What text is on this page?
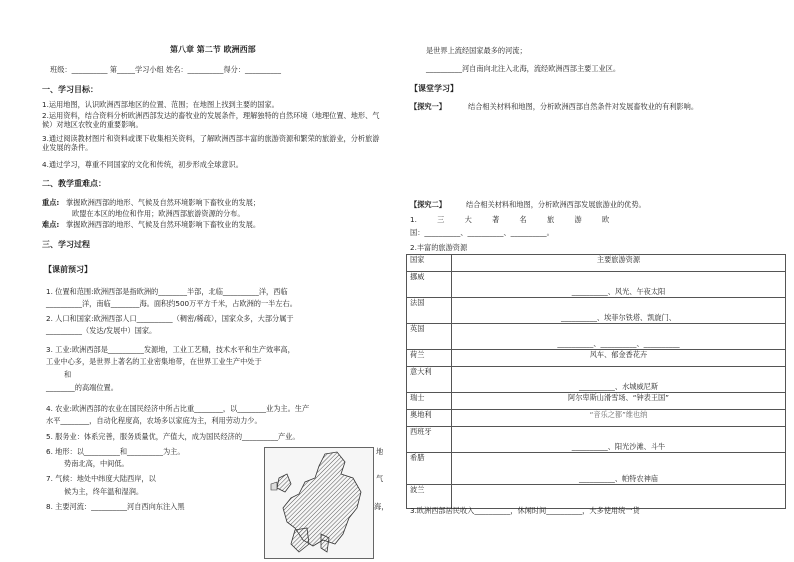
第八章 第二节 欧洲西部
班级：__________ 第_____学习小组 姓名：__________得分：__________
一、学习目标：
1.运用地图，认识欧洲西部地区的位置、范围；在地图上找到主要的国家。
2.运用资料，结合资料分析欧洲西部发达的畜牧业的发展条件，理解独特的自然环境（地理位置、地形、气候）对地区农牧业的重要影响。
3.通过阅读教材图片和资料或课下收集相关资料，了解欧洲西部丰富的旅游资源和繁荣的旅游业，分析旅游业发展的条件。
4.通过学习，尊重不同国家的文化和传统，初步形成全球意识。
二、教学重难点：
重点: 掌握欧洲西部的地形、气候及自然环境影响下畜牧业的发展；
欧盟在本区的地位和作用；欧洲西部旅游资源的分布。
难点: 掌握欧洲西部的地形、气候及自然环境影响下畜牧业的发展。
三、学习过程
【课前预习】
1. 位置和范围:欧洲西部是指欧洲的________半部，北临__________洋，西临
__________洋，南临________海。面积约500万平方千米，占欧洲的一半左右。
2. 人口和国家:欧洲西部人口__________（稠密/稀疏），国家众多，大部分属于
__________（发达/发展中）国家。
3. 工业:欧洲西部是__________发源地，工业工艺精，技术水平和生产效率高，
工业中心多，是世界上著名的工业密集地带，在世界工业生产中处于
和
________的高端位置。
4. 农业:欧洲西部的农业在国民经济中所占比重________，以________业为主。生产
水平________，自动化程度高，农场多以家庭为主，利用劳动力少。
5. 服务业：体系完善，服务质量优，产值大，成为国民经济的__________产业。
6. 地形：以__________和__________为主。	地
势南北高，中间低。
7. 气候：地处中纬度大陆西岸，以	气
候为主，终年温和湿润。
8. 主要河流：__________河自西向东注入黑	海，
是世界上流经国家最多的河流；
__________河自南向北注入北海，流经欧洲西部主要工业区。
【课堂学习】
【探究一】	结合相关材料和地图，分析欧洲西部自然条件对发展畜牧业的有利影响。
【探究二】	结合相关材料和地图，分析欧洲西部发展旅游业的优势。
1. 三 大 著 名 旅 游 欧
国：__________、__________、__________。
2.丰富的旅游资源
国家	主要旅游资源
挪威	__________、风光、午夜太阳
法国	__________、埃菲尔铁塔、凯旋门、
英国	__________、__________、__________
荷兰	风车、郁金香花卉
意大利	__________、水城威尼斯
瑞士	阿尔卑斯山滑雪场、“钟表王国”
奥地利	“音乐之都”维也纳
西班牙	__________、阳光沙滩、斗牛
希腊	__________、帕特农神庙
波兰	
3.欧洲西部居民收入__________，休闲时间__________，大多使用统一货
